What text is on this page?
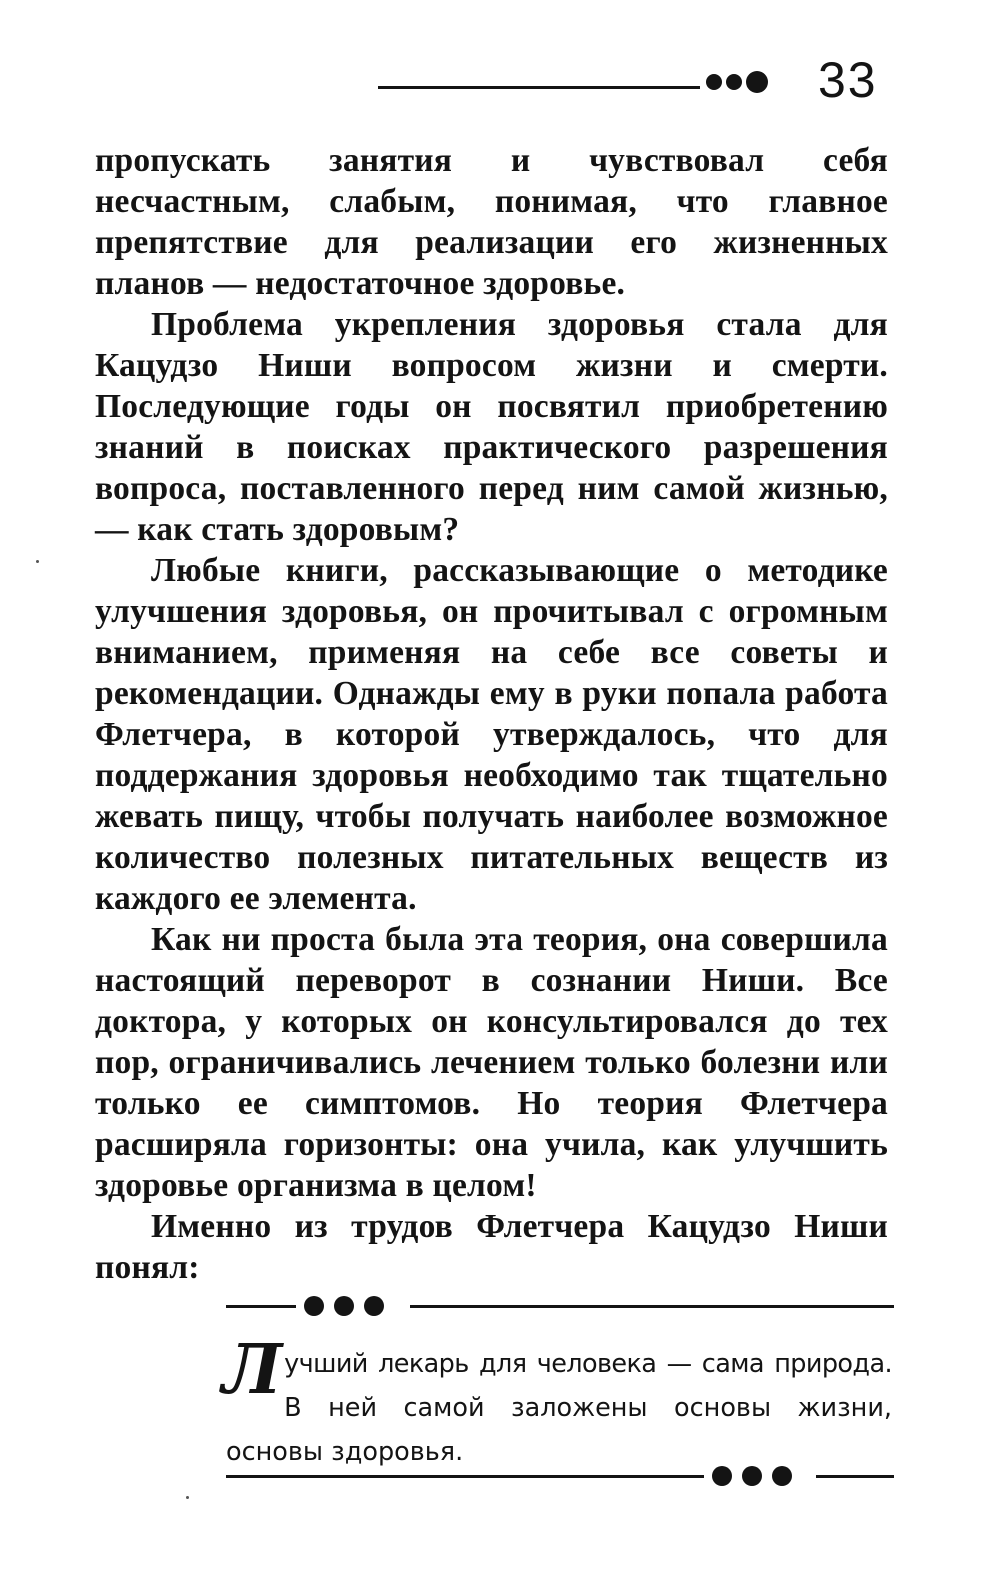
33

пропускать занятия и чувствовал себя несчастным, слабым, понимая, что главное препятствие для реализации его жизненных планов — недостаточное здоровье.

Проблема укрепления здоровья стала для Кацудзо Ниши вопросом жизни и смерти. Последующие годы он посвятил приобретению знаний в поисках практического разрешения вопроса, поставленного перед ним самой жизнью, — как стать здоровым?

Любые книги, рассказывающие о методике улучшения здоровья, он прочитывал с огромным вниманием, применяя на себе все советы и рекомендации. Однажды ему в руки попала работа Флетчера, в которой утверждалось, что для поддержания здоровья необходимо так тщательно жевать пищу, чтобы получать наиболее возможное количество полезных питательных веществ из каждого ее элемента.

Как ни проста была эта теория, она совершила настоящий переворот в сознании Ниши. Все доктора, у которых он консультировался до тех пор, ограничивались лечением только болезни или только ее симптомов. Но теория Флетчера расширяла горизонты: она учила, как улучшить здоровье организма в целом!

Именно из трудов Флетчера Кацудзо Ниши понял:

Л учший лекарь для человека — сама природа. В ней самой заложены основы жизни, основы здоровья.
